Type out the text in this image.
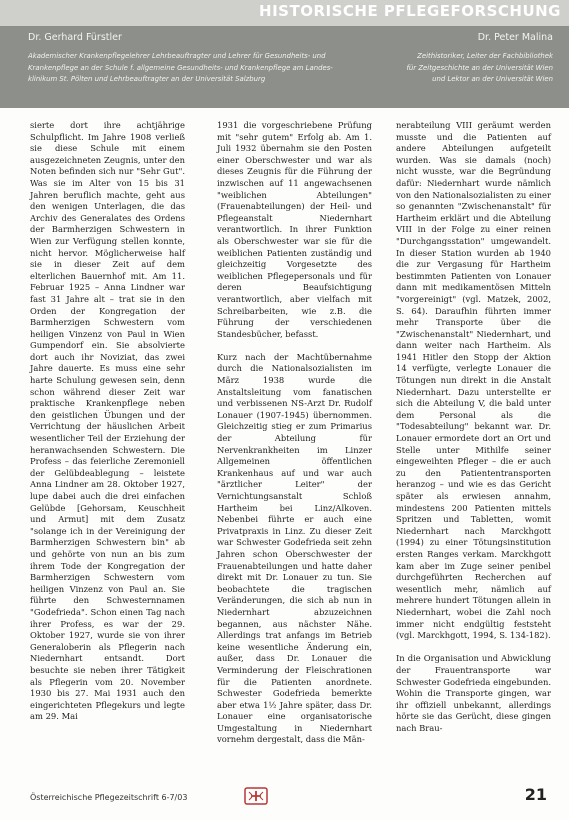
HISTORISCHE PFLEGEFORSCHUNG
Dr. Gerhard Fürstler
Akademischer Krankenpflegelehrer Lehrbeauftragter und Lehrer für Gesundheits- und
Krankenpflege an der Schule f. allgemeine Gesundheits- und Krankenpflege am Landes-
klinikum St. Pölten und Lehrbeauftragter an der Universität Salzburg
Dr. Peter Malina
Zeithistoriker, Leiter der Fachbibliothek
für Zeitgeschichte an der Universität Wien
und Lektor an der Universität Wien

sierte dort ihre achtjährige Schulpflicht. Im Jahre 1908 verließ sie diese Schule mit einem ausgezeichneten Zeugnis, unter den Noten befinden sich nur "Sehr Gut". Was sie im Alter von 15 bis 31 Jahren beruflich machte, geht aus den wenigen Unterlagen, die das Archiv des Generalates des Ordens der Barmherzigen Schwestern in Wien zur Verfügung stellen konnte, nicht hervor. Möglicherweise half sie in dieser Zeit auf dem elterlichen Bauernhof mit. Am 11. Februar 1925 – Anna Lindner war fast 31 Jahre alt – trat sie in den Orden der Kongregation der Barmherzigen Schwestern vom heiligen Vinzenz von Paul in Wien Gumpendorf ein. Sie absolvierte dort auch ihr Noviziat, das zwei Jahre dauerte. Es muss eine sehr harte Schulung gewesen sein, denn schon während dieser Zeit war praktische Krankenpflege neben den geistlichen Übungen und der Verrichtung der häuslichen Arbeit wesentlicher Teil der Erziehung der heranwachsenden Schwestern. Die Profess – das feierliche Zeremoniell der Gelübdeablegung – leistete Anna Lindner am 28. Oktober 1927, lupe dabei auch die drei einfachen Gelübde [Gehorsam, Keuschheit und Armut] mit dem Zusatz "solange ich in der Vereinigung der Barmherzigen Schwestern bin" ab und gehörte von nun an bis zum ihrem Tode der Kongregation der Barmherzigen Schwestern vom heiligen Vinzenz von Paul an. Sie führte den Schwesternnamen "Godefrieda". Schon einen Tag nach ihrer Profess, es war der 29. Oktober 1927, wurde sie von ihrer Generaloberin als Pflegerin nach Niedernhart entsandt. Dort besuchte sie neben ihrer Tätigkeit als Pflegerin vom 20. November 1930 bis 27. Mai 1931 auch den eingerichteten Pflegekurs und legte am 29. Mai

1931 die vorgeschriebene Prüfung mit "sehr gutem" Erfolg ab. Am 1. Juli 1932 übernahm sie den Posten einer Oberschwester und war als dieses Zeugnis für die Führung der inzwischen auf 11 angewachsenen "weiblichen Abteilungen" (Frauenabteilungen) der Heil- und Pflegeanstalt Niedernhart verantwortlich. In ihrer Funktion als Oberschwester war sie für die weiblichen Patienten zuständig und gleichzeitig Vorgesetzte des weiblichen Pflegepersonals und für deren Beaufsichtigung verantwortlich, aber vielfach mit Schreibarbeiten, wie z.B. die Führung der verschiedenen Standesbücher, befasst.

Kurz nach der Machtübernahme durch die Nationalsozialisten im März 1938 wurde die Anstaltsleitung vom fanatischen und verbissenen NS-Arzt Dr. Rudolf Lonauer (1907-1945) übernommen. Gleichzeitig stieg er zum Primarius der Abteilung für Nervenkrankheiten im Linzer Allgemeinen öffentlichen Krankenhaus auf und war auch "ärztlicher Leiter" der Vernichtungsanstalt Schloß Hartheim bei Linz/Alkoven. Nebenbei führte er auch eine Privatpraxis in Linz. Zu dieser Zeit war Schwester Godefrieda seit zehn Jahren schon Oberschwester der Frauenabteilungen und hatte daher direkt mit Dr. Lonauer zu tun. Sie beobachtete die tragischen Veränderungen, die sich ab nun in Niedernhart abzuzeichnen begannen, aus nächster Nähe. Allerdings trat anfangs im Betrieb keine wesentliche Änderung ein, außer, dass Dr. Lonauer die Verminderung der Fleischrationen für die Patienten anordnete. Schwester Godefrieda bemerkte aber etwa 1½ Jahre später, dass Dr. Lonauer eine organisatorische Umgestaltung in Niedernhart vornehm dergestalt, dass die Män-

nerabteilung VIII geräumt werden musste und die Patienten auf andere Abteilungen aufgeteilt wurden. Was sie damals (noch) nicht wusste, war die Begründung dafür: Niedernhart wurde nämlich von den Nationalsozialisten zu einer so genannten "Zwischenanstalt" für Hartheim erklärt und die Abteilung VIII in der Folge zu einer reinen "Durchgangsstation" umgewandelt. In dieser Station wurden ab 1940 die zur Vergasung für Hartheim bestimmten Patienten von Lonauer dann mit medikamentösen Mitteln "vorgereinigt" (vgl. Matzek, 2002, S. 64). Daraufhin führten immer mehr Transporte über die "Zwischenanstalt" Niedernhart, und dann weiter nach Hartheim. Als 1941 Hitler den Stopp der Aktion 14 verfügte, verlegte Lonauer die Tötungen nun direkt in die Anstalt Niedernhart. Dazu unterstellte er sich die Abteilung V, die bald unter dem Personal als die "Todesabteilung" bekannt war. Dr. Lonauer ermordete dort an Ort und Stelle unter Mithilfe seiner eingeweihten Pfleger – die er auch zu den Patiententransporten heranzog – und wie es das Gericht später als erwiesen annahm, mindestens 200 Patienten mittels Spritzen und Tabletten, womit Niedernhart nach Marckhgott (1994) zu einer Tötungsinstitution ersten Ranges verkam. Marckhgott kam aber im Zuge seiner penibel durchgeführten Recherchen auf wesentlich mehr, nämlich auf mehrere hundert Tötungen allein in Niedernhart, wobei die Zahl noch immer nicht endgültig feststeht (vgl. Marckhgott, 1994, S. 134-182).

In die Organisation und Abwicklung der Frauentransporte war Schwester Godefrieda eingebunden. Wohin die Transporte gingen, war ihr offiziell unbekannt, allerdings hörte sie das Gerücht, diese gingen nach Brau-

Österreichische Pflegezeitschrift 6-7/03	21
